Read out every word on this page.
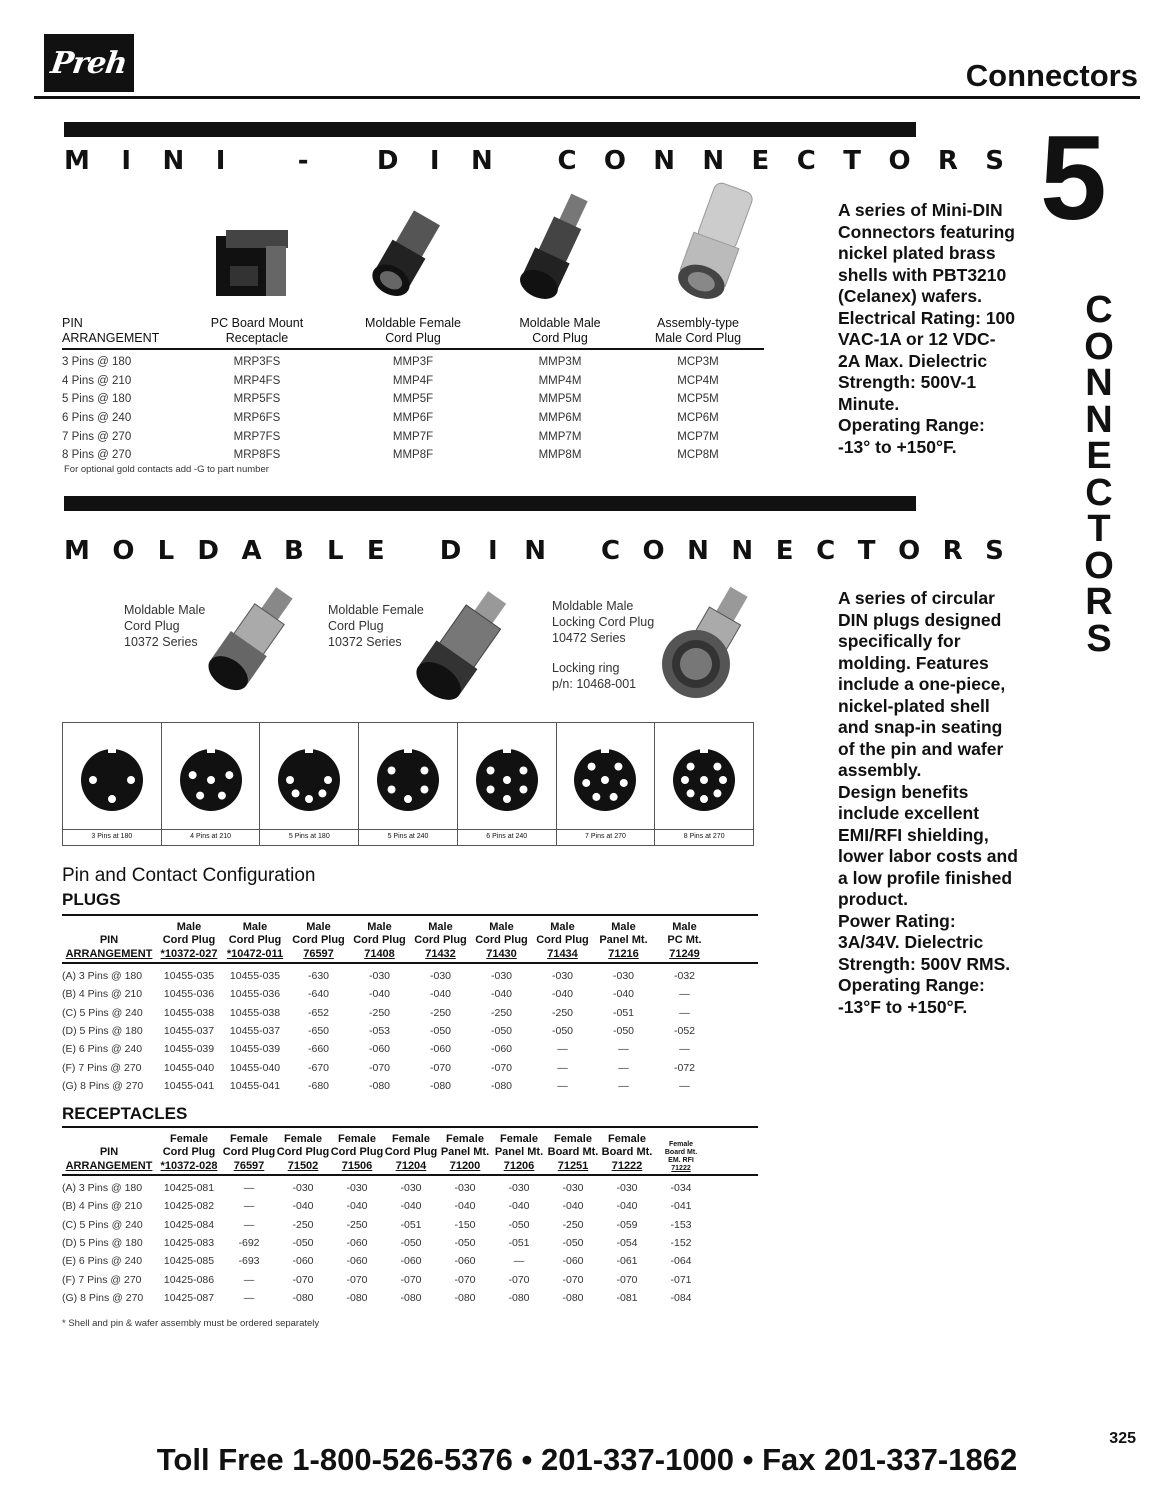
Preh	Connectors
5
C
O
N
N
E
C
T
O
R
S
M I N I	-	D I N C O N N E C T O R S
A series of Mini-DIN
Connectors featuring
nickel plated brass
shells with PBT3210
(Celanex) wafers.
Electrical Rating: 100
VAC-1A or 12 VDC-
2A Max. Dielectric
Strength: 500V-1
Minute.
Operating Range:
-13° to +150°F.
PIN
ARRANGEMENT
PC Board Mount
Receptacle
Moldable Female
Cord Plug
Moldable Male
Cord Plug
Assembly-type
Male Cord Plug
3 Pins @ 180	MRP3FS	MMP3F	MMP3M	MCP3M
4 Pins @ 210	MRP4FS	MMP4F	MMP4M	MCP4M
5 Pins @ 180	MRP5FS	MMP5F	MMP5M	MCP5M
6 Pins @ 240	MRP6FS	MMP6F	MMP6M	MCP6M
7 Pins @ 270	MRP7FS	MMP7F	MMP7M	MCP7M
8 Pins @ 270	MRP8FS	MMP8F	MMP8M	MCP8M
For optional gold contacts add -G to part number
M O L D A B L E D I N C O N N E C T O R S
Moldable Male
Cord Plug
10372 Series
Moldable Female
Cord Plug
10372 Series
Moldable Male
Locking Cord Plug
10472 Series
Locking ring
p/n: 10468-001
A series of circular
DIN plugs designed
specifically for
molding. Features
include a one-piece,
nickel-plated shell
and snap-in seating
of the pin and wafer
assembly.
Design benefits
include excellent
EMI/RFI shielding,
lower labor costs and
a low profile finished
product.
Power Rating:
3A/34V. Dielectric
Strength: 500V RMS.
Operating Range:
-13°F to +150°F.
3 Pins at 180	4 Pins at 210	5 Pins at 180	5 Pins at 240	6 Pins at 240	7 Pins at 270	8 Pins at 270
Pin and Contact Configuration
PLUGS
PIN
ARRANGEMENT
Male
Cord Plug
*10372-027
Male
Cord Plug
*10472-011
Male
Cord Plug
76597
Male
Cord Plug
71408
Male
Cord Plug
71432
Male
Cord Plug
71430
Male
Cord Plug
71434
Male
Panel Mt.
71216
Male
PC Mt.
71249
(A) 3 Pins @ 180	10455-035	10455-035	-630	-030	-030	-030	-030	-030	-032
(B) 4 Pins @ 210	10455-036	10455-036	-640	-040	-040	-040	-040	-040	—
(C) 5 Pins @ 240	10455-038	10455-038	-652	-250	-250	-250	-250	-051	—
(D) 5 Pins @ 180	10455-037	10455-037	-650	-053	-050	-050	-050	-050	-052
(E) 6 Pins @ 240	10455-039	10455-039	-660	-060	-060	-060	—	—	—
(F) 7 Pins @ 270	10455-040	10455-040	-670	-070	-070	-070	—	—	-072
(G) 8 Pins @ 270	10455-041	10455-041	-680	-080	-080	-080	—	—	—
RECEPTACLES
PIN
ARRANGEMENT
Female
Cord Plug
*10372-028
Female
Cord Plug
76597
Female
Cord Plug
71502
Female
Cord Plug
71506
Female
Cord Plug
71204
Female
Panel Mt.
71200
Female
Panel Mt.
71206
Female
Board Mt.
71251
Female
Board Mt.
71222
Female
Board Mt.
EM. RFI
71222
(A) 3 Pins @ 180	10425-081	—	-030	-030	-030	-030	-030	-030	-030	-034
(B) 4 Pins @ 210	10425-082	—	-040	-040	-040	-040	-040	-040	-040	-041
(C) 5 Pins @ 240	10425-084	—	-250	-250	-051	-150	-050	-250	-059	-153
(D) 5 Pins @ 180	10425-083	-692	-050	-060	-050	-050	-051	-050	-054	-152
(E) 6 Pins @ 240	10425-085	-693	-060	-060	-060	-060	—	-060	-061	-064
(F) 7 Pins @ 270	10425-086	—	-070	-070	-070	-070	-070	-070	-070	-071
(G) 8 Pins @ 270	10425-087	—	-080	-080	-080	-080	-080	-080	-081	-084
* Shell and pin & wafer assembly must be ordered separately
325
Toll Free 1-800-526-5376 • 201-337-1000 • Fax 201-337-1862
